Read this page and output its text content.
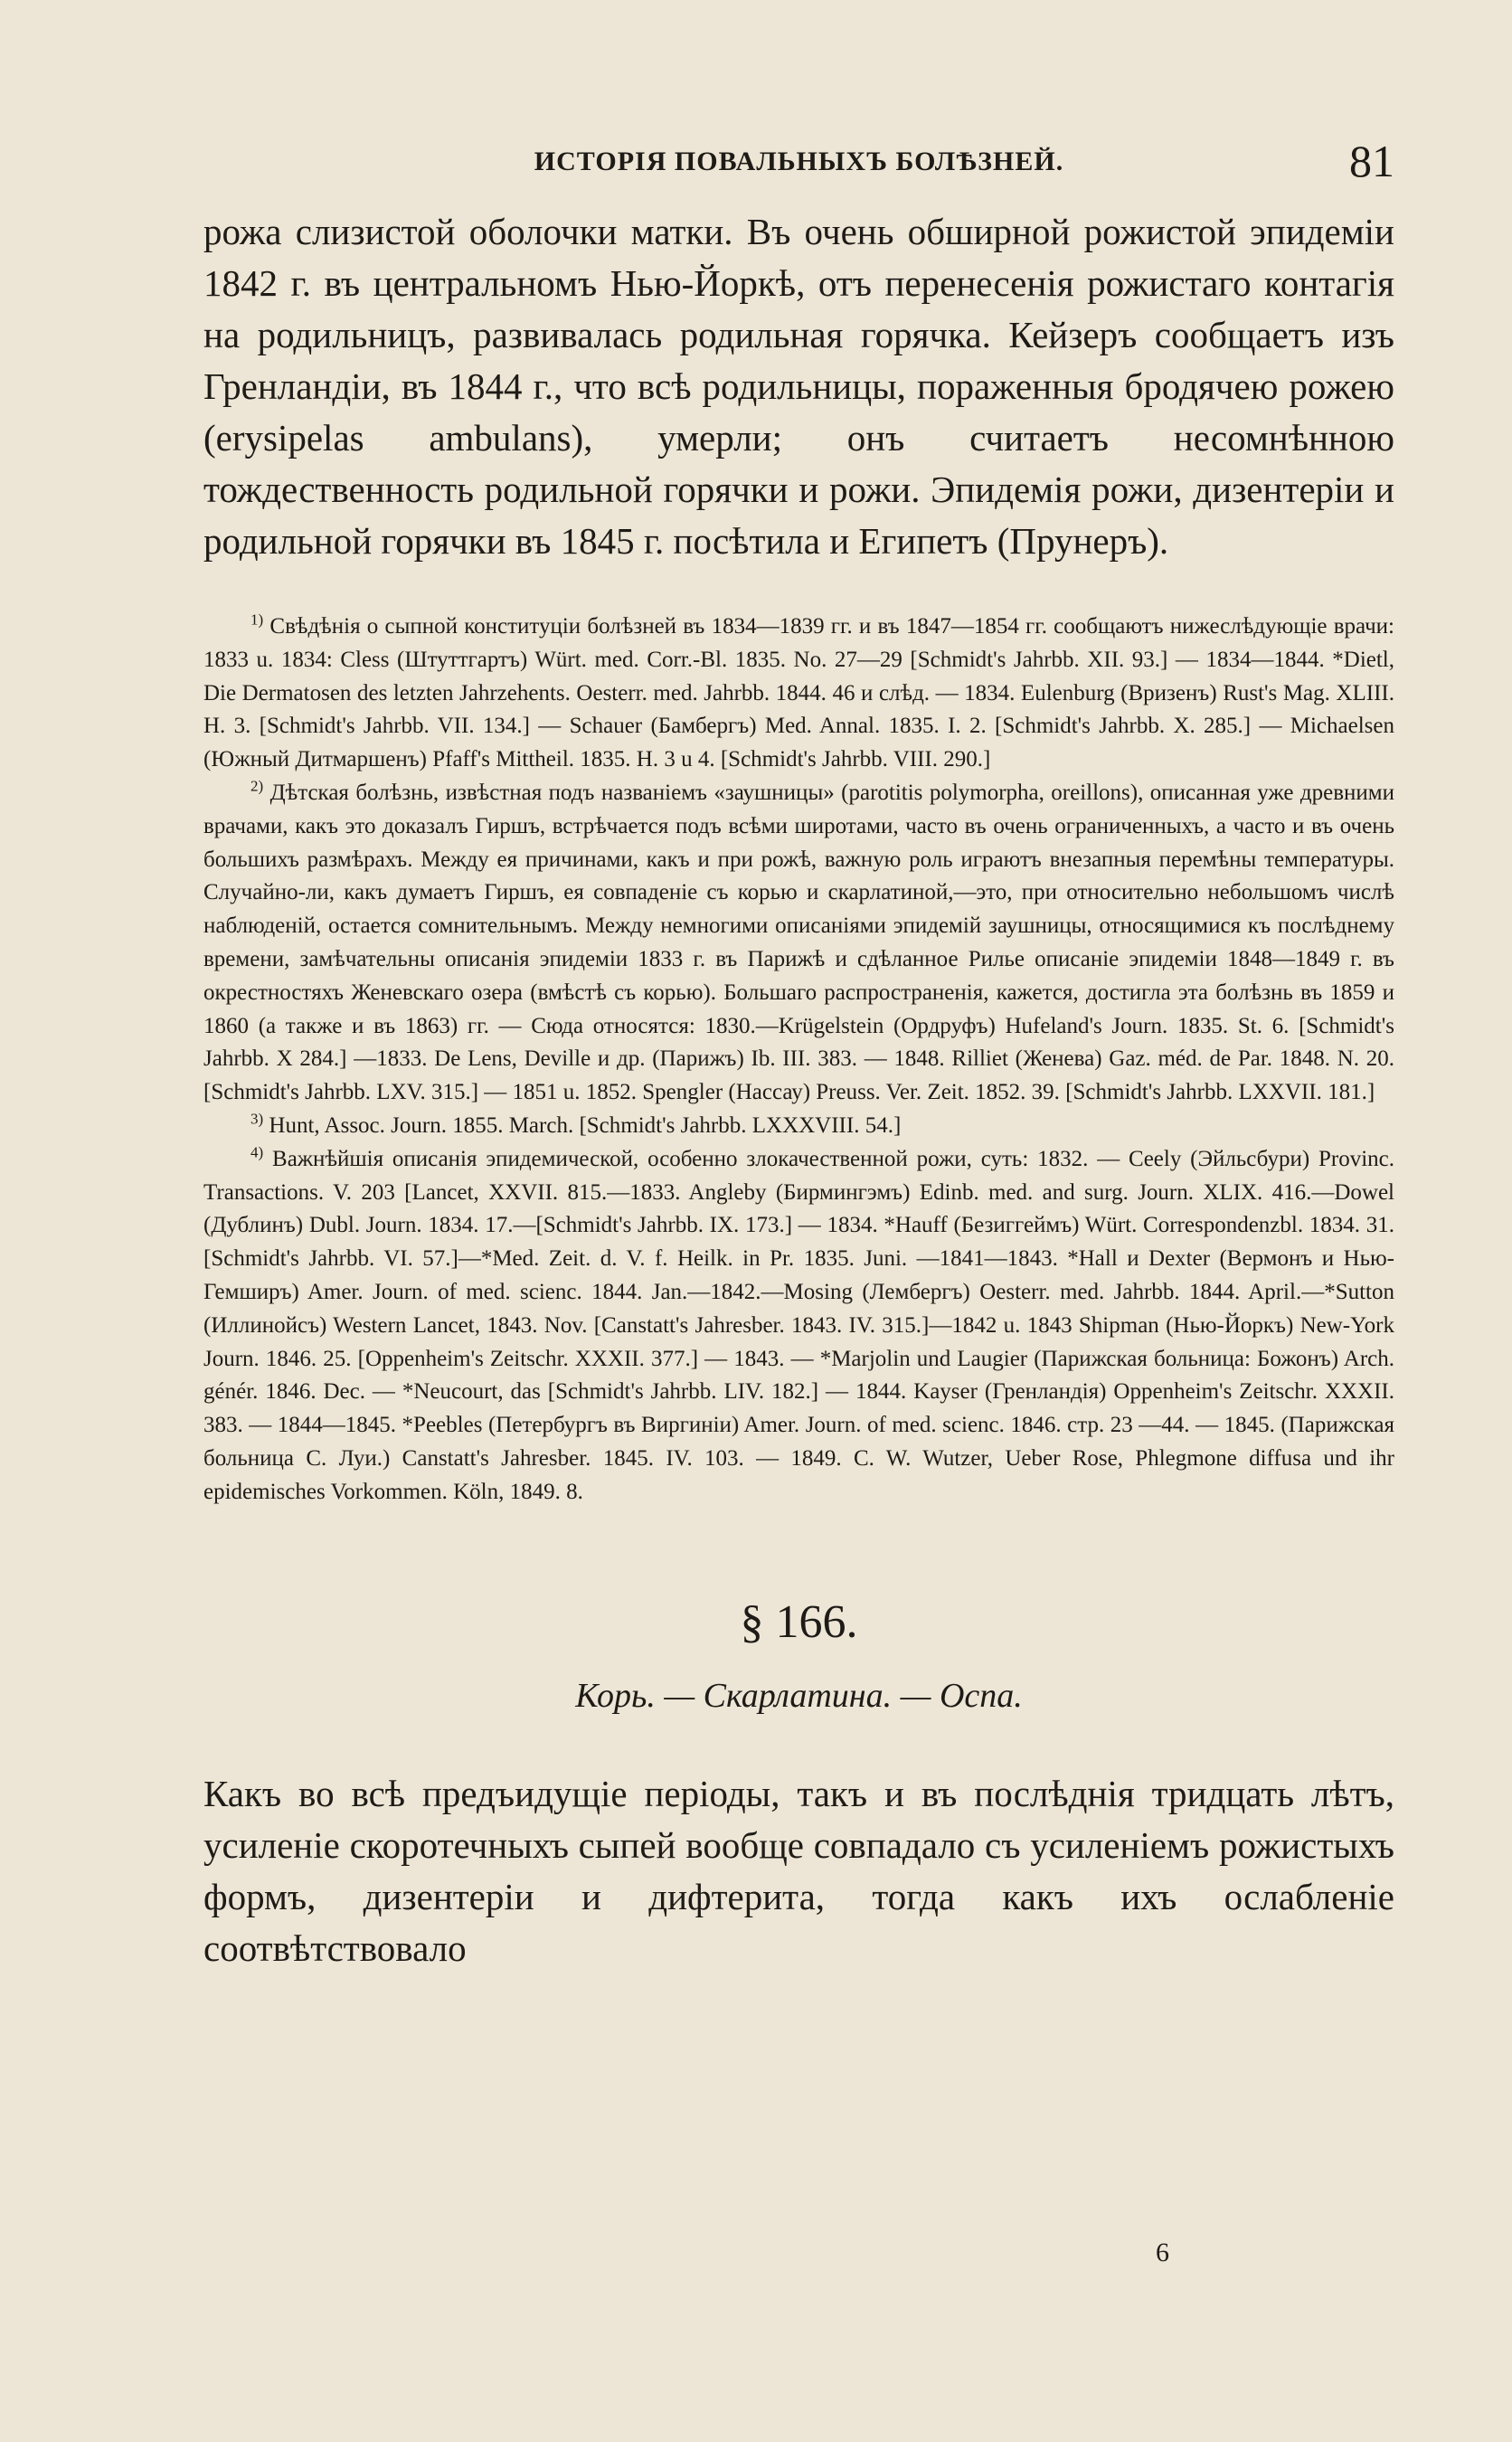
ИСТОРІЯ ПОВАЛЬНЫХЪ БОЛѢЗНЕЙ.	81

рожа слизистой оболочки матки. Въ очень обширной рожистой эпидеміи 1842 г. въ центральномъ Нью-Йоркѣ, отъ перенесенія рожистаго контагія на родильницъ, развивалась родильная горячка. Кейзеръ сообщаетъ изъ Гренландіи, въ 1844 г., что всѣ родильницы, пораженныя бродячею рожею (erysipelas ambulans), умерли; онъ считаетъ несомнѣнною тождественность родильной горячки и рожи. Эпидемія рожи, дизентеріи и родильной горячки въ 1845 г. посѣтила и Египетъ (Прунеръ).

$^{1)}$ Свѣдѣнія о сыпной конституціи болѣзней въ 1834—1839 гг. и въ 1847—1854 гг. сообщаютъ нижеслѣдующіе врачи: 1833 u. 1834: Cless (Штуттгартъ) Würt. med. Corr.-Bl. 1835. No. 27—29 [Schmidt's Jahrbb. XII. 93.] — 1834—1844. *Dietl, Die Dermatosen des letzten Jahrzehents. Oesterr. med. Jahrbb. 1844. 46 и слѣд. — 1834. Eulenburg (Вризенъ) Rust's Mag. XLIII. H. 3. [Schmidt's Jahrbb. VII. 134.] — Schauer (Бамбергъ) Med. Annal. 1835. I. 2. [Schmidt's Jahrbb. X. 285.] — Michaelsen (Южный Дитмаршенъ) Pfaff's Mittheil. 1835. H. 3 u 4. [Schmidt's Jahrbb. VIII. 290.]

$^{2)}$ Дѣтская болѣзнь, извѣстная подъ названіемъ «заушницы» (parotitis polymorpha, oreillons), описанная уже древними врачами, какъ это доказалъ Гиршъ, встрѣчается подъ всѣми широтами, часто въ очень ограниченныхъ, а часто и въ очень большихъ размѣрахъ. Между ея причинами, какъ и при рожѣ, важную роль играютъ внезапныя перемѣны температуры. Случайно-ли, какъ думаетъ Гиршъ, ея совпаденіе съ корью и скарлатиной,—это, при относительно небольшомъ числѣ наблюденій, остается сомнительнымъ. Между немногими описаніями эпидемій заушницы, относящимися къ послѣднему времени, замѣчательны описанія эпидеміи 1833 г. въ Парижѣ и сдѣланное Рилье описаніе эпидеміи 1848—1849 г. въ окрестностяхъ Женевскаго озера (вмѣстѣ съ корью). Большаго распространенія, кажется, достигла эта болѣзнь въ 1859 и 1860 (а также и въ 1863) гг. — Сюда относятся: 1830.—Krügelstein (Ордруфъ) Hufeland's Journ. 1835. St. 6. [Schmidt's Jahrbb. X 284.] —1833. De Lens, Deville и др. (Парижъ) Ib. III. 383. — 1848. Rilliet (Женева) Gaz. méd. de Par. 1848. N. 20. [Schmidt's Jahrbb. LXV. 315.] — 1851 u. 1852. Spengler (Нассау) Preuss. Ver. Zeit. 1852. 39. [Schmidt's Jahrbb. LXXVII. 181.]

$^{3)}$ Hunt, Assoc. Journ. 1855. March. [Schmidt's Jahrbb. LXXXVIII. 54.]

$^{4)}$ Важнѣйшія описанія эпидемической, особенно злокачественной рожи, суть: 1832. — Ceely (Эйльсбури) Provinc. Transactions. V. 203 [Lancet, XXVII. 815.—1833. Angleby (Бирмингэмъ) Edinb. med. and surg. Journ. XLIX. 416.—Dowel (Дублинъ) Dubl. Journ. 1834. 17.—[Schmidt's Jahrbb. IX. 173.] — 1834. *Hauff (Безиггеймъ) Würt. Correspondenzbl. 1834. 31. [Schmidt's Jahrbb. VI. 57.]—*Med. Zeit. d. V. f. Heilk. in Pr. 1835. Juni. —1841—1843. *Hall и Dexter (Вермонъ и Нью-Гемширъ) Amer. Journ. of med. scienc. 1844. Jan.—1842.—Mosing (Лембергъ) Oesterr. med. Jahrbb. 1844. April.—*Sutton (Иллинойсъ) Western Lancet, 1843. Nov. [Canstatt's Jahresber. 1843. IV. 315.]—1842 u. 1843 Shipman (Нью-Йоркъ) New-York Journ. 1846. 25. [Oppenheim's Zeitschr. XXXII. 377.] — 1843. — *Marjolin und Laugier (Парижская больница: Божонъ) Arch. génér. 1846. Dec. — *Neucourt, das [Schmidt's Jahrbb. LIV. 182.] — 1844. Kayser (Гренландія) Oppenheim's Zeitschr. XXXII. 383. — 1844—1845. *Peebles (Петербургъ въ Виргиніи) Amer. Journ. of med. scienc. 1846. стр. 23 —44. — 1845. (Парижская больница С. Луи.) Canstatt's Jahresber. 1845. IV. 103. — 1849. C. W. Wutzer, Ueber Rose, Phlegmone diffusa und ihr epidemisches Vorkommen. Köln, 1849. 8.

§ 166.
Корь. — Скарлатина. — Оспа.

Какъ во всѣ предъидущіе періоды, такъ и въ послѣднія тридцать лѣтъ, усиленіе скоротечныхъ сыпей вообще совпадало съ усиленіемъ рожистыхъ формъ, дизентеріи и дифтерита, тогда какъ ихъ ослабленіе соотвѣтствовало

6
